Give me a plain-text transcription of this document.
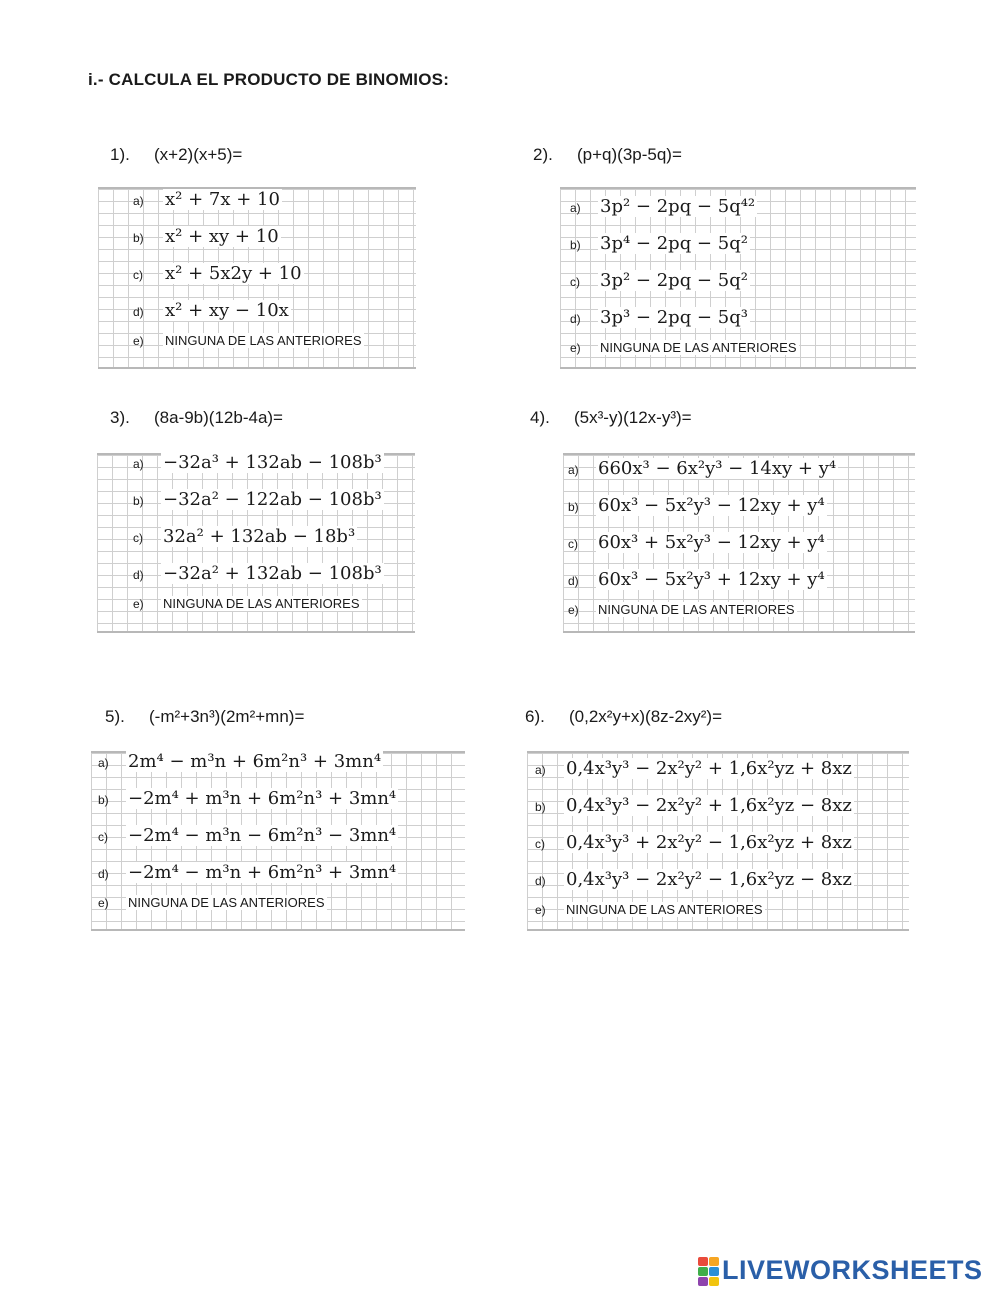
i.- CALCULA EL PRODUCTO DE BINOMIOS:
1). (x+2)(x+5)=
a)	x² + 7x + 10
b)	x² + xy + 10
c)	x² + 5x2y + 10
d)	x² + xy − 10x
e)	NINGUNA DE LAS ANTERIORES
2). (p+q)(3p-5q)=
a)	3p² − 2pq − 5q⁴²
b)	3p⁴ − 2pq − 5q²
c)	3p² − 2pq − 5q²
d)	3p³ − 2pq − 5q³
e)	NINGUNA DE LAS ANTERIORES
3). (8a-9b)(12b-4a)=
a)	−32a³ + 132ab − 108b³
b)	−32a² − 122ab − 108b³
c)	32a² + 132ab − 18b³
d)	−32a² + 132ab − 108b³
e)	NINGUNA DE LAS ANTERIORES
4). (5x³-y)(12x-y³)=
a)	660x³ − 6x²y³ − 14xy + y⁴
b)	60x³ − 5x²y³ − 12xy + y⁴
c)	60x³ + 5x²y³ − 12xy + y⁴
d)	60x³ − 5x²y³ + 12xy + y⁴
e)	NINGUNA DE LAS ANTERIORES
5). (-m²+3n³)(2m²+mn)=
a)	2m⁴ − m³n + 6m²n³ + 3mn⁴
b)	−2m⁴ + m³n + 6m²n³ + 3mn⁴
c)	−2m⁴ − m³n − 6m²n³ − 3mn⁴
d)	−2m⁴ − m³n + 6m²n³ + 3mn⁴
e)	NINGUNA DE LAS ANTERIORES
6). (0,2x²y+x)(8z-2xy²)=
a)	0,4x³y³ − 2x²y² + 1,6x²yz + 8xz
b)	0,4x³y³ − 2x²y² + 1,6x²yz − 8xz
c)	0,4x³y³ + 2x²y² − 1,6x²yz + 8xz
d)	0,4x³y³ − 2x²y² − 1,6x²yz − 8xz
e)	NINGUNA DE LAS ANTERIORES
LIVEWORKSHEETS
